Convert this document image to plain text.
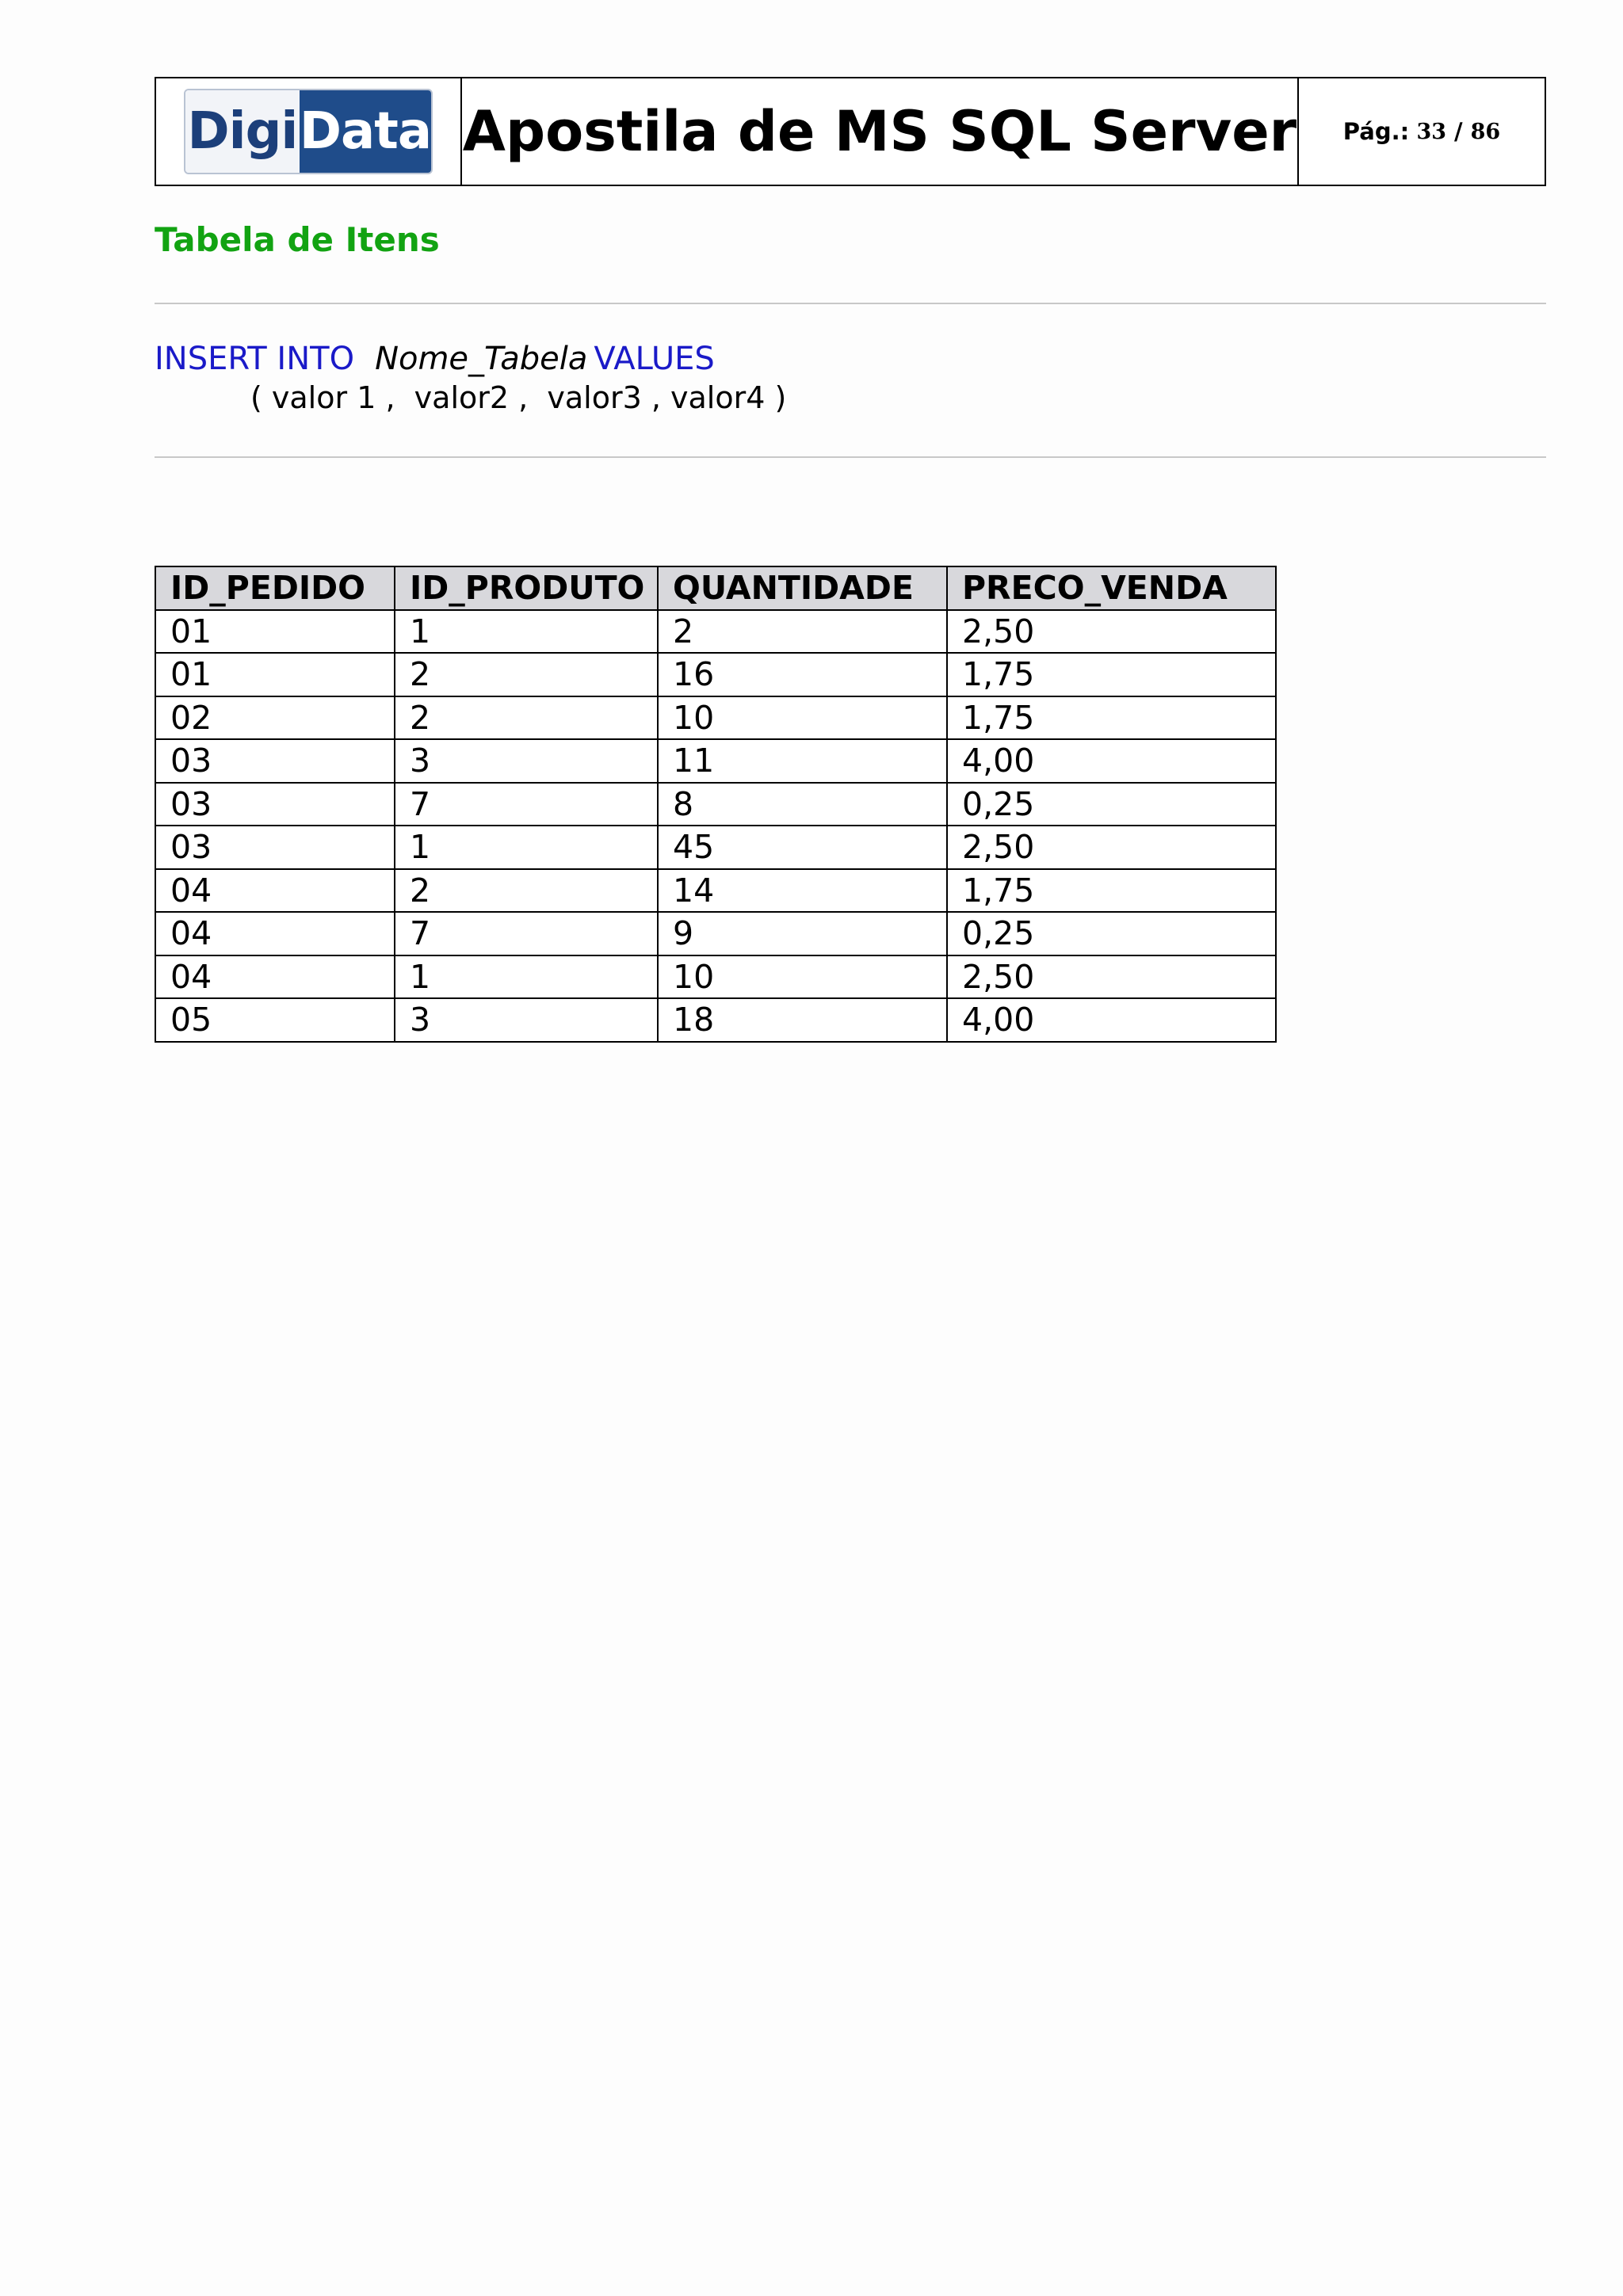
Digi Data Apostila de MS SQL Server Pág.:
33 / 86
Tabela de Itens
INSERT INTO Nome_Tabela VALUES
( valor 1 ,  valor2 ,  valor3 , valor4 )
ID_PEDIDO	ID_PRODUTO	QUANTIDADE	PRECO_VENDA
01	1	2	2,50
01	2	16	1,75
02	2	10	1,75
03	3	11	4,00
03	7	8	0,25
03	1	45	2,50
04	2	14	1,75
04	7	9	0,25
04	1	10	2,50
05	3	18	4,00
